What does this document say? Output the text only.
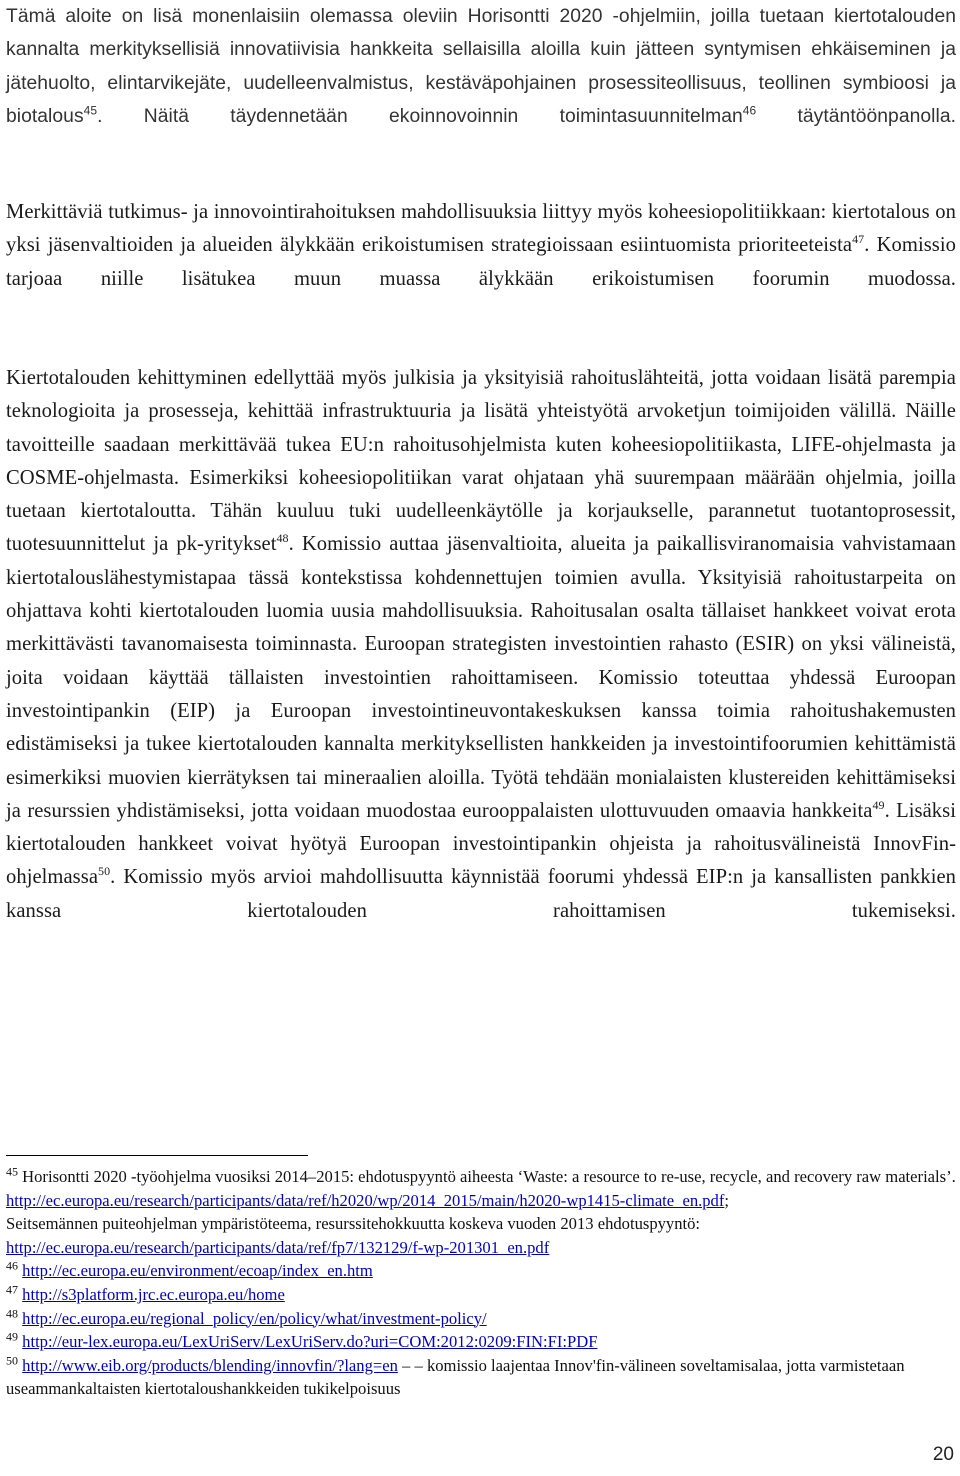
Tämä aloite on lisä monenlaisiin olemassa oleviin Horisontti 2020 -ohjelmiin, joilla tuetaan kiertotalouden kannalta merkityksellisiä innovatiivisia hankkeita sellaisilla aloilla kuin jätteen syntymisen ehkäiseminen ja jätehuolto, elintarvikejäte, uudelleenvalmistus, kestäväpohjainen prosessiteollisuus, teollinen symbioosi ja biotalous$^{45}$. Näitä täydennetään ekoinnovoinnin toimintasuunnitelman$^{46}$ täytäntöönpanolla.

Merkittäviä tutkimus- ja innovointirahoituksen mahdollisuuksia liittyy myös koheesiopolitiikkaan: kiertotalous on yksi jäsenvaltioiden ja alueiden älykkään erikoistumisen strategioissaan esiintuomista prioriteeteista$^{47}$. Komissio tarjoaa niille lisätukea muun muassa älykkään erikoistumisen foorumin muodossa.

Kiertotalouden kehittyminen edellyttää myös julkisia ja yksityisiä rahoituslähteitä, jotta voidaan lisätä parempia teknologioita ja prosesseja, kehittää infrastruktuuria ja lisätä yhteistyötä arvoketjun toimijoiden välillä. Näille tavoitteille saadaan merkittävää tukea EU:n rahoitusohjelmista kuten koheesiopolitiikasta, LIFE-ohjelmasta ja COSME-ohjelmasta. Esimerkiksi koheesiopolitiikan varat ohjataan yhä suurempaan määrään ohjelmia, joilla tuetaan kiertotaloutta. Tähän kuuluu tuki uudelleenkäytölle ja korjaukselle, parannetut tuotantoprosessit, tuotesuunnittelut ja pk-yritykset$^{48}$. Komissio auttaa jäsenvaltioita, alueita ja paikallisviranomaisia vahvistamaan kiertotalouslähestymistapaa tässä kontekstissa kohdennettujen toimien avulla. Yksityisiä rahoitustarpeita on ohjattava kohti kiertotalouden luomia uusia mahdollisuuksia. Rahoitusalan osalta tällaiset hankkeet voivat erota merkittävästi tavanomaisesta toiminnasta. Euroopan strategisten investointien rahasto (ESIR) on yksi välineistä, joita voidaan käyttää tällaisten investointien rahoittamiseen. Komissio toteuttaa yhdessä Euroopan investointipankin (EIP) ja Euroopan investointineuvontakeskuksen kanssa toimia rahoitushakemusten edistämiseksi ja tukee kiertotalouden kannalta merkityksellisten hankkeiden ja investointifoorumien kehittämistä esimerkiksi muovien kierrätyksen tai mineraalien aloilla. Työtä tehdään monialaisten klustereiden kehittämiseksi ja resurssien yhdistämiseksi, jotta voidaan muodostaa eurooppalaisten ulottuvuuden omaavia hankkeita$^{49}$. Lisäksi kiertotalouden hankkeet voivat hyötyä Euroopan investointipankin ohjeista ja rahoitusvälineistä InnovFin-ohjelmassa$^{50}$. Komissio myös arvioi mahdollisuutta käynnistää foorumi yhdessä EIP:n ja kansallisten pankkien kanssa kiertotalouden rahoittamisen tukemiseksi.

$^{45}$ Horisontti 2020 -työohjelma vuosiksi 2014–2015: ehdotuspyyntö aiheesta ‘Waste: a resource to re-use, recycle, and recovery raw materials’.
http://ec.europa.eu/research/participants/data/ref/h2020/wp/2014_2015/main/h2020-wp1415-climate_en.pdf;
Seitsemännen puiteohjelman ympäristöteema, resurssitehokkuutta koskeva vuoden 2013 ehdotuspyyntö:
http://ec.europa.eu/research/participants/data/ref/fp7/132129/f-wp-201301_en.pdf

$^{46}$ http://ec.europa.eu/environment/ecoap/index_en.htm

$^{47}$ http://s3platform.jrc.ec.europa.eu/home

$^{48}$ http://ec.europa.eu/regional_policy/en/policy/what/investment-policy/

$^{49}$ http://eur-lex.europa.eu/LexUriServ/LexUriServ.do?uri=COM:2012:0209:FIN:FI:PDF

$^{50}$ http://www.eib.org/products/blending/innovfin/?lang=en – – komissio laajentaa Innov'fin-välineen soveltamisalaa, jotta varmistetaan useammankaltaisten kiertotaloushankkeiden tukikelpoisuus

20
